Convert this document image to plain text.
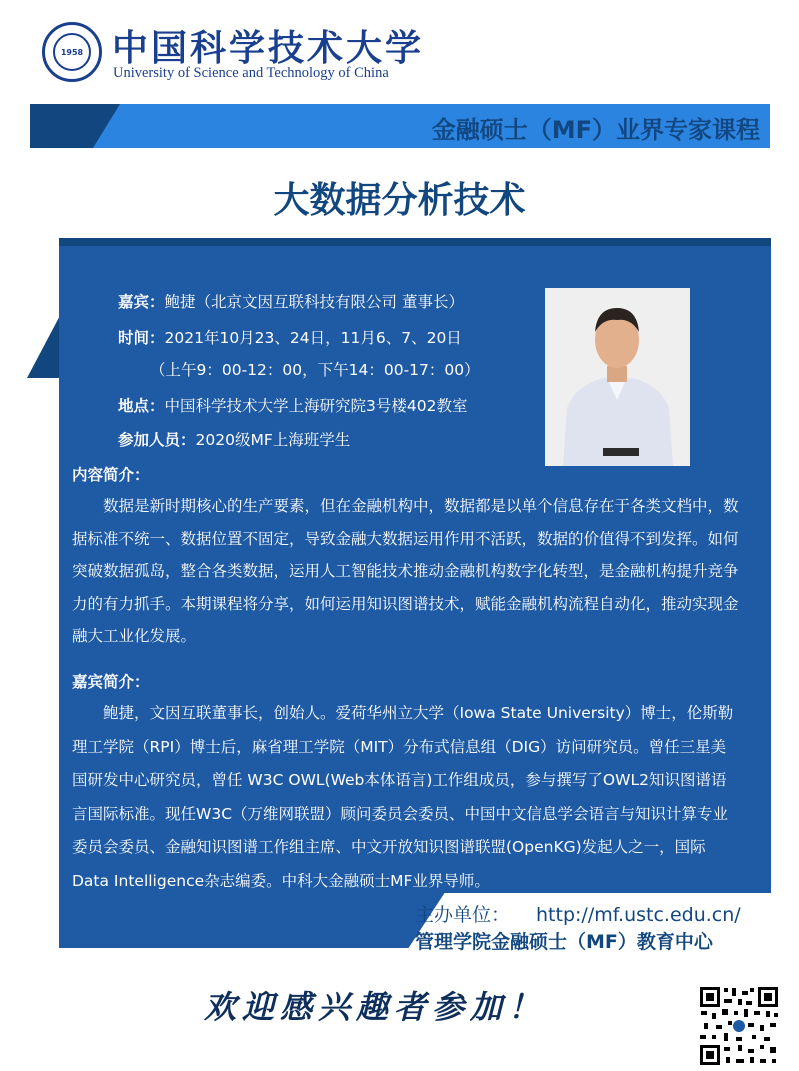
1958 中国科学技术大学
University of Science and Technology of China
金融硕士（MF）业界专家课程
大数据分析技术
嘉宾：鲍捷（北京文因互联科技有限公司 董事长）
时间：2021年10月23、24日，11月6、7、20日
（上午9：00-12：00，下午14：00-17：00）
地点：中国科学技术大学上海研究院3号楼402教室
参加人员：2020级MF上海班学生
内容简介：

数据是新时期核心的生产要素，但在金融机构中，数据都是以单个信息存在于各类文档中，数据标准不统一、数据位置不固定，导致金融大数据运用作用不活跃，数据的价值得不到发挥。如何突破数据孤岛，整合各类数据，运用人工智能技术推动金融机构数字化转型，是金融机构提升竞争力的有力抓手。本期课程将分享，如何运用知识图谱技术，赋能金融机构流程自动化，推动实现金融大工业化发展。

嘉宾简介：

鲍捷，文因互联董事长，创始人。爱荷华州立大学（Iowa State University）博士，伦斯勒理工学院（RPI）博士后，麻省理工学院（MIT）分布式信息组（DIG）访问研究员。曾任三星美国研发中心研究员，曾任 W3C OWL(Web本体语言)工作组成员，参与撰写了OWL2知识图谱语言国际标准。现任W3C（万维网联盟）顾问委员会委员、中国中文信息学会语言与知识计算专业委员会委员、金融知识图谱工作组主席、中文开放知识图谱联盟(OpenKG)发起人之一，国际Data Intelligence杂志编委。中科大金融硕士MF业界导师。

主办单位： http://mf.ustc.edu.cn/
管理学院金融硕士（MF）教育中心
欢迎感兴趣者参加！
